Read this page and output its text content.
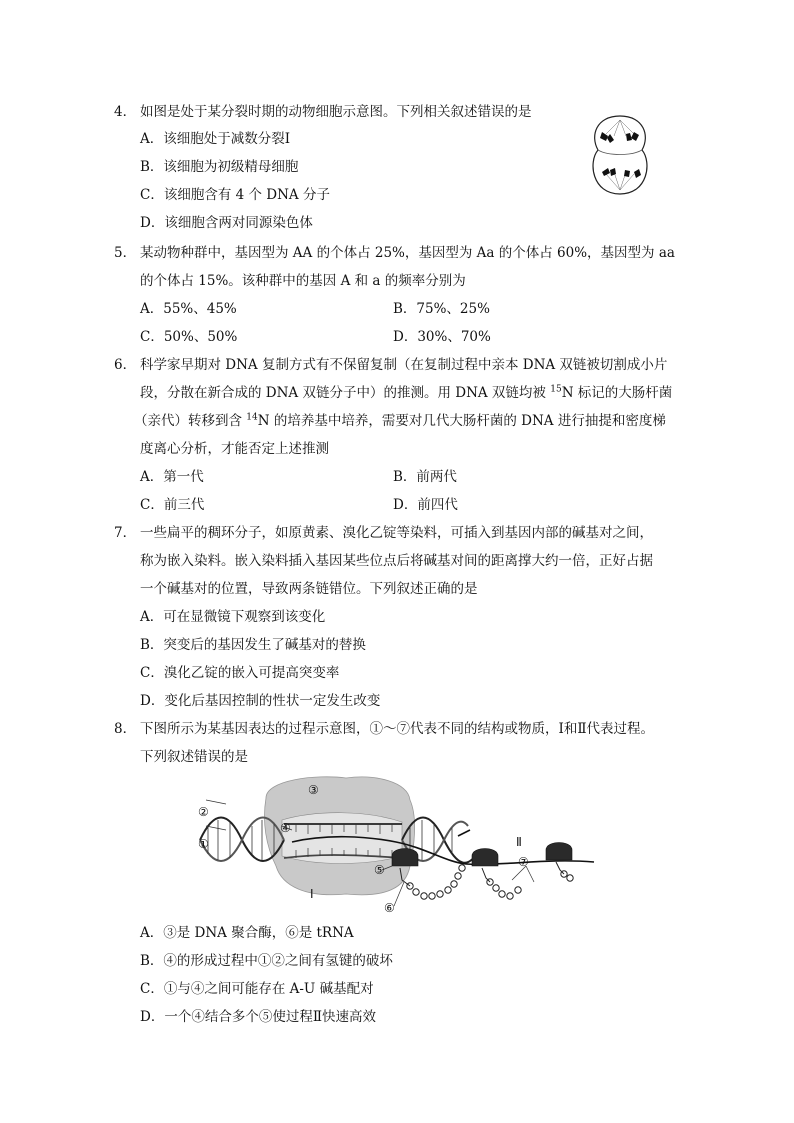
4． 如图是处于某分裂时期的动物细胞示意图。下列相关叙述错误的是
A．该细胞处于减数分裂Ⅰ
B．该细胞为初级精母细胞
C．该细胞含有 4 个 DNA 分子
D．该细胞含两对同源染色体
5． 某动物种群中，基因型为 AA 的个体占 25%，基因型为 Aa 的个体占 60%，基因型为 aa
的个体占 15%。该种群中的基因 A 和 a 的频率分别为
A．55%、45%	B．75%、25%
C．50%、50%	D．30%、70%
6． 科学家早期对 DNA 复制方式有不保留复制（在复制过程中亲本 DNA 双链被切割成小片
段，分散在新合成的 DNA 双链分子中）的推测。用 DNA 双链均被 $^{15}$N 标记的大肠杆菌
（亲代）转移到含 $^{14}$N 的培养基中培养，需要对几代大肠杆菌的 DNA 进行抽提和密度梯
度离心分析，才能否定上述推测
A．第一代	B．前两代
C．前三代	D．前四代
7． 一些扁平的稠环分子，如原黄素、溴化乙锭等染料，可插入到基因内部的碱基对之间，
称为嵌入染料。嵌入染料插入基因某些位点后将碱基对间的距离撑大约一倍，正好占据
一个碱基对的位置，导致两条链错位。下列叙述正确的是
A．可在显微镜下观察到该变化
B．突变后的基因发生了碱基对的替换
C．溴化乙锭的嵌入可提高突变率
D．变化后基因控制的性状一定发生改变
8． 下图所示为某基因表达的过程示意图，①～⑦代表不同的结构或物质，Ⅰ和Ⅱ代表过程。
下列叙述错误的是
②
①
③
④
⑤
⑥
⑦
Ⅰ
Ⅱ
A．③是 DNA 聚合酶，⑥是 tRNA
B．④的形成过程中①②之间有氢键的破坏
C．①与④之间可能存在 A-U 碱基配对
D．一个④结合多个⑤使过程Ⅱ快速高效
